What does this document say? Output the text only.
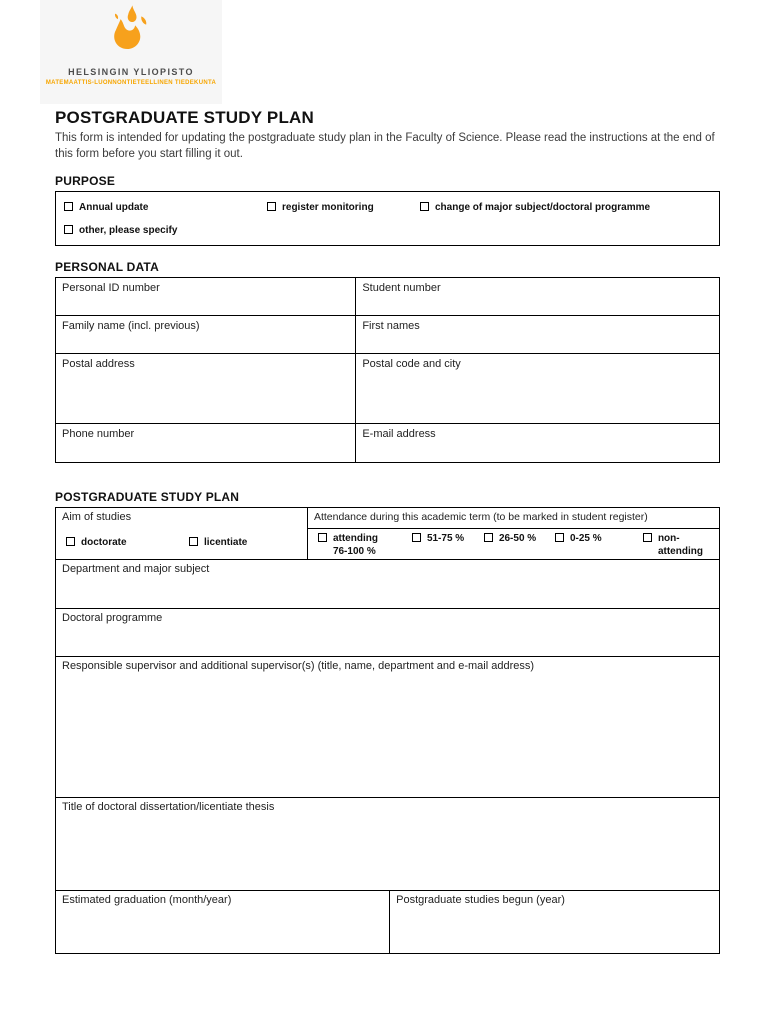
HELSINGIN YLIOPISTO
MATEMAATTIS-LUONNONTIETEELLINEN TIEDEKUNTA
POSTGRADUATE STUDY PLAN

This form is intended for updating the postgraduate study plan in the Faculty of Science. Please read the instructions at the end of this form before you start filling it out.

PURPOSE
Annual update	register monitoring	change of major subject/doctoral programme
other, please specify
PERSONAL DATA
Personal ID number	Student number
Family name (incl. previous)	First names
Postal address	Postal code and city
Phone number	E-mail address
POSTGRADUATE STUDY PLAN
Aim of studies
doctorate	licentiate
Attendance during this academic term (to be marked in student register)
attending 76-100 %
51-75 %	26-50 %	0-25 %	non-attending
Department and major subject
Doctoral programme
Responsible supervisor and additional supervisor(s) (title, name, department and e-mail address)
Title of doctoral dissertation/licentiate thesis
Estimated graduation (month/year)	Postgraduate studies begun (year)
